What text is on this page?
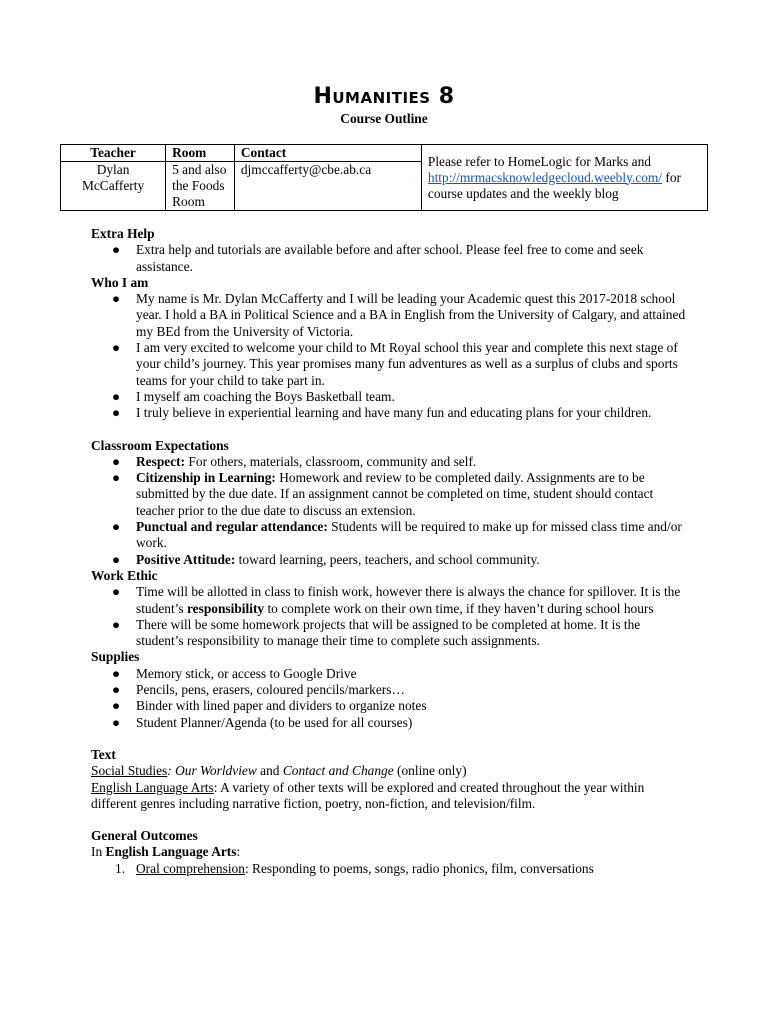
Humanities 8
Course Outline
Teacher	Room	Contact	Please refer to HomeLogic for Marks and http://mrmacsknowledgecloud.weebly.com/ for course updates and the weekly blog
Dylan McCafferty	5 and also the Foods Room	djmccafferty@cbe.ab.ca	
Extra Help
● Extra help and tutorials are available before and after school. Please feel free to come and seek assistance.
Who I am
● My name is Mr. Dylan McCafferty and I will be leading your Academic quest this 2017-2018 school year. I hold a BA in Political Science and a BA in English from the University of Calgary, and attained my BEd from the University of Victoria.
● I am very excited to welcome your child to Mt Royal school this year and complete this next stage of your child’s journey. This year promises many fun adventures as well as a surplus of clubs and sports teams for your child to take part in.
● I myself am coaching the Boys Basketball team.
● I truly believe in experiential learning and have many fun and educating plans for your children.
Classroom Expectations
● Respect: For others, materials, classroom, community and self.
● Citizenship in Learning: Homework and review to be completed daily. Assignments are to be submitted by the due date. If an assignment cannot be completed on time, student should contact teacher prior to the due date to discuss an extension.
● Punctual and regular attendance: Students will be required to make up for missed class time and/or work.
● Positive Attitude: toward learning, peers, teachers, and school community.
Work Ethic
● Time will be allotted in class to finish work, however there is always the chance for spillover. It is the student’s responsibility to complete work on their own time, if they haven’t during school hours
● There will be some homework projects that will be assigned to be completed at home. It is the student’s responsibility to manage their time to complete such assignments.
Supplies
● Memory stick, or access to Google Drive
● Pencils, pens, erasers, coloured pencils/markers…
● Binder with lined paper and dividers to organize notes
● Student Planner/Agenda (to be used for all courses)
Text
Social Studies: Our Worldview and Contact and Change (online only)
English Language Arts: A variety of other texts will be explored and created throughout the year within different genres including narrative fiction, poetry, non-fiction, and television/film.
General Outcomes
In English Language Arts:
1. Oral comprehension: Responding to poems, songs, radio phonics, film, conversations
